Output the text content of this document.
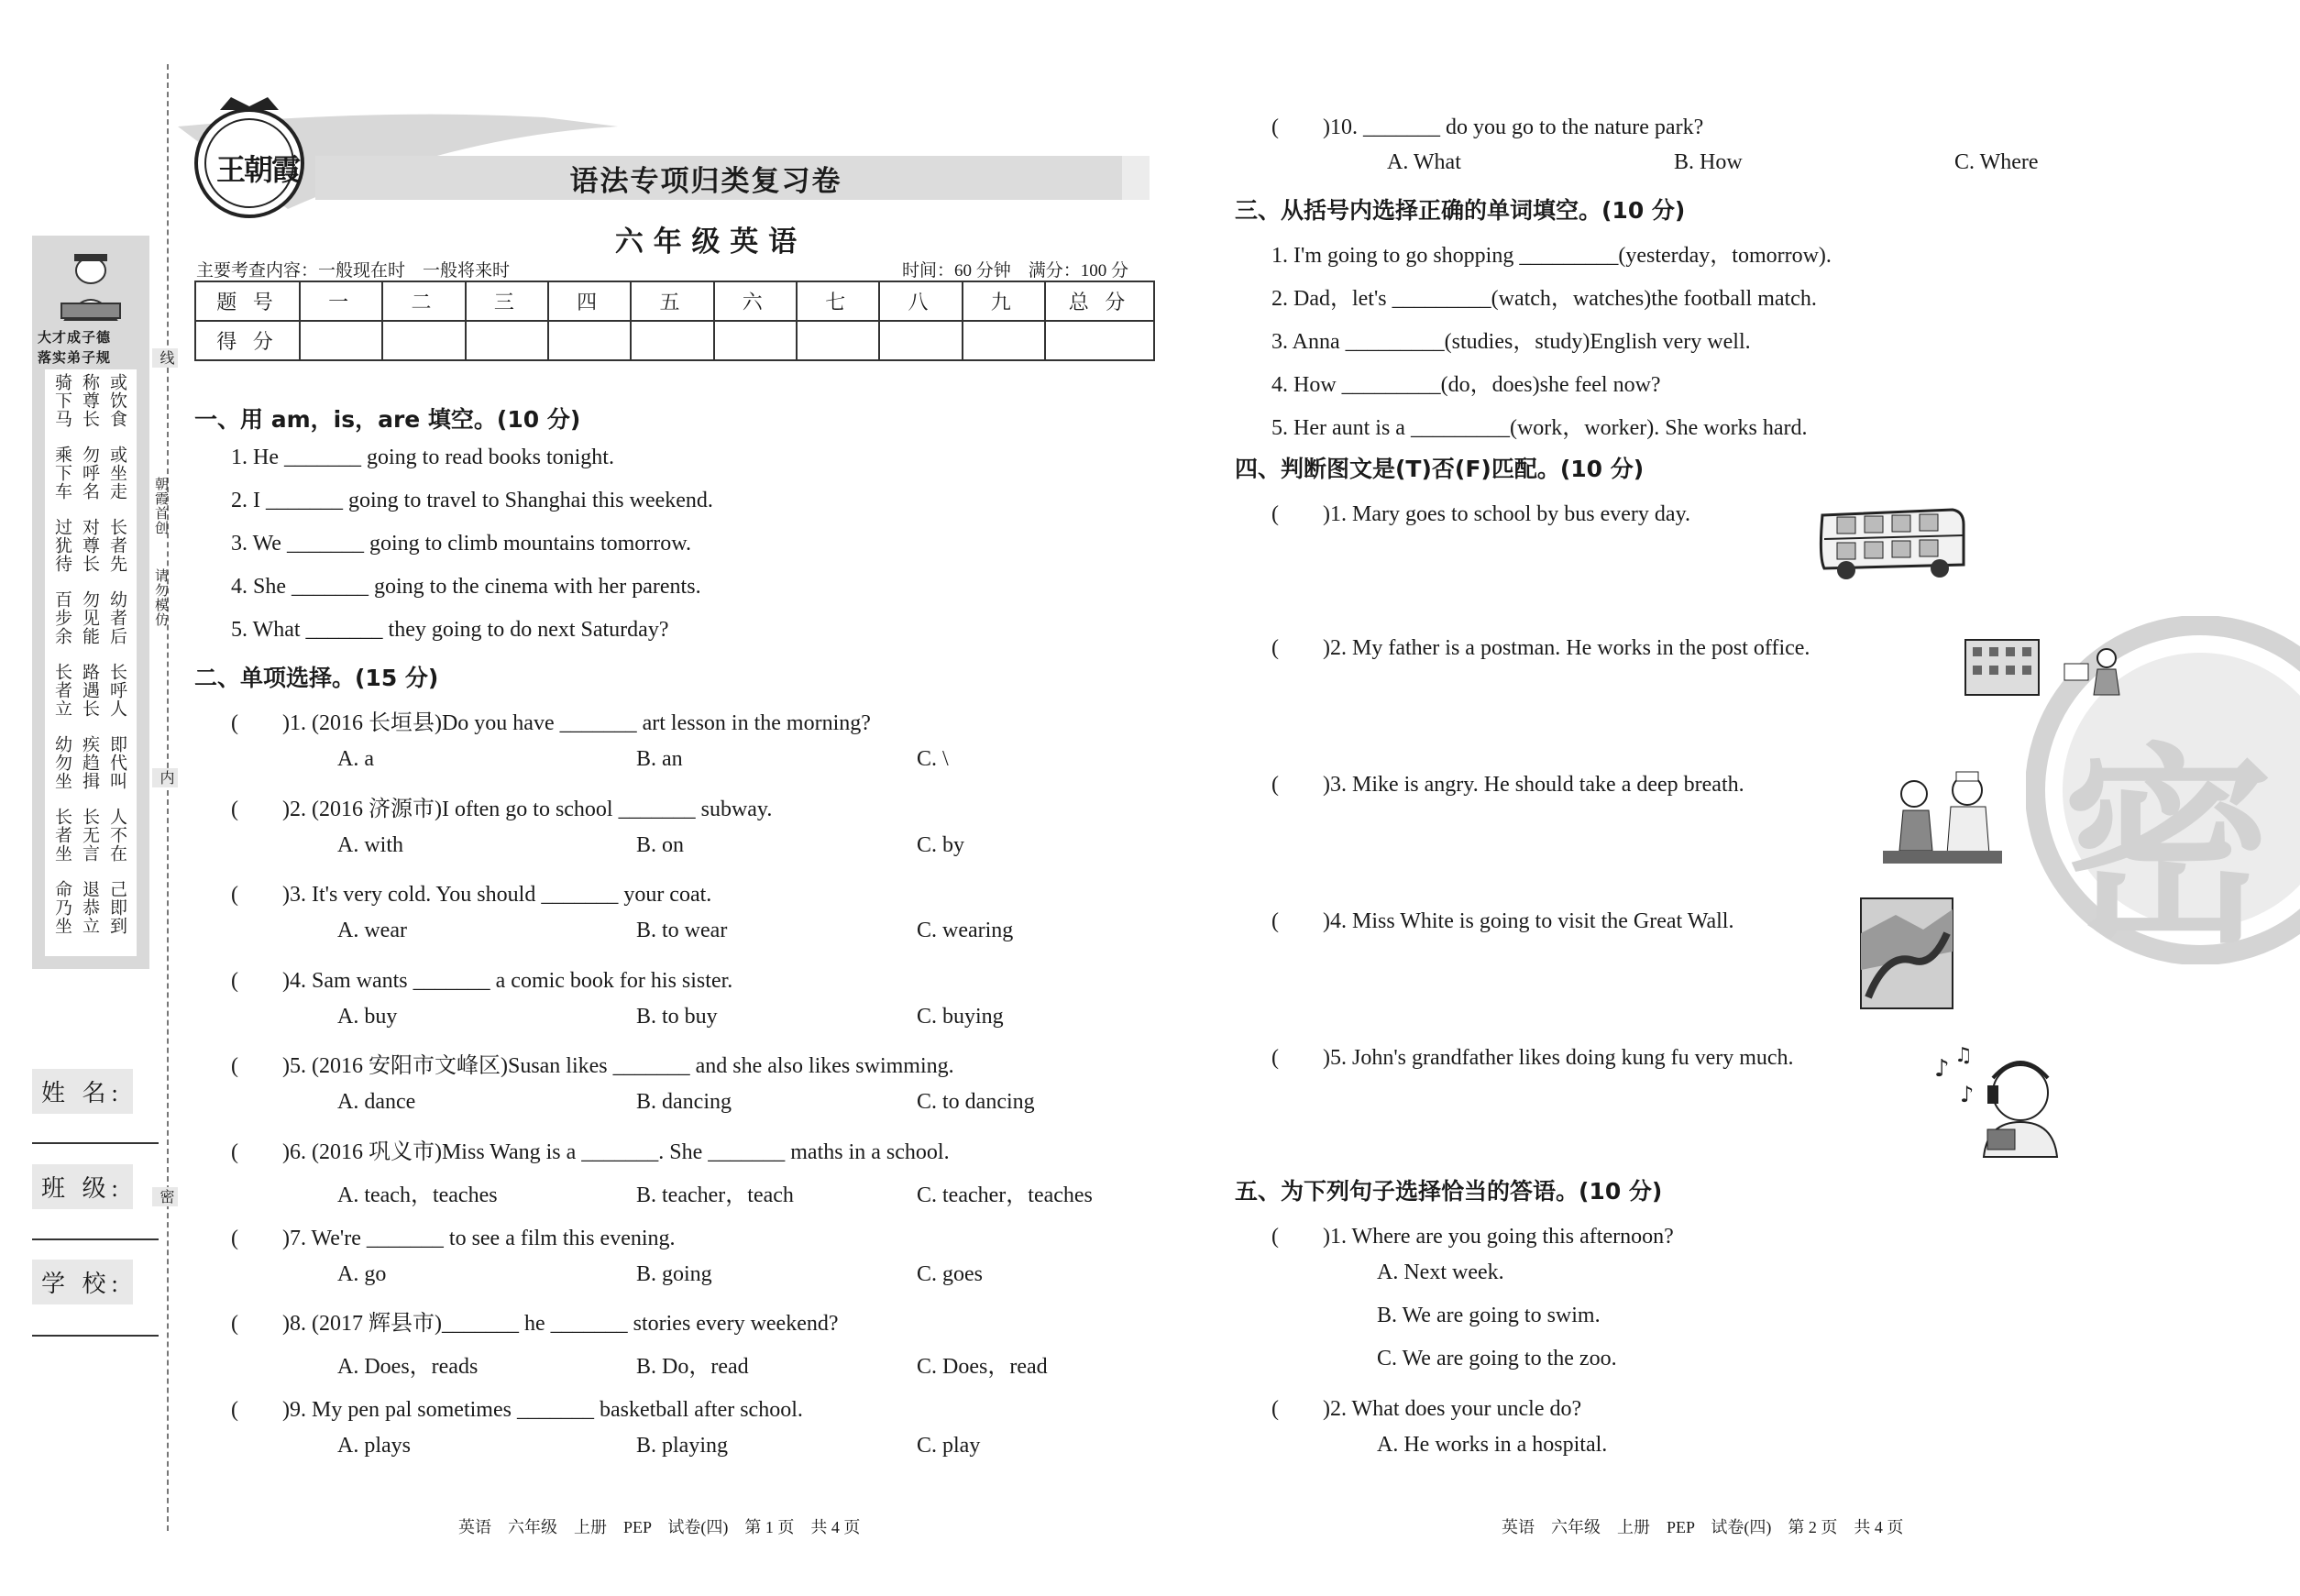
大才成子德
落实弟子规
骑下马 称尊长 或饮食
乘下车 勿呼名 或坐走
过犹待 对尊长 长者先
百步余 勿见能 幼者后
长者立 路遇长 长呼人
幼勿坐 疾趋揖 即代叫
长者坐 长无言 人不在
命乃坐 退恭立 己即到
线
内
密
朝霞首创
请勿模仿
姓 名:
班 级:
学 校:
王朝霞	语法专项归类复习卷
六 年 级 英 语
主要考查内容：一般现在时　一般将来时	时间：60 分钟　满分：100 分
题 号	一	二	三	四	五	六	七	八	九	总 分
得 分										
一、用 am，is，are 填空。(10 分)
1. He _______ going to read books tonight.
2. I _______ going to travel to Shanghai this weekend.
3. We _______ going to climb mountains tomorrow.
4. She _______ going to the cinema with her parents.
5. What _______ they going to do next Saturday?
二、单项选择。(15 分)
(　　)1. (2016 长垣县)Do you have _______ art lesson in the morning?
A. a	B. an	C. \
(　　)2. (2016 济源市)I often go to school _______ subway.
A. with	B. on	C. by
(　　)3. It's very cold. You should _______ your coat.
A. wear	B. to wear	C. wearing
(　　)4. Sam wants _______ a comic book for his sister.
A. buy	B. to buy	C. buying
(　　)5. (2016 安阳市文峰区)Susan likes _______ and she also likes swimming.
A. dance	B. dancing	C. to dancing
(　　)6. (2016 巩义市)Miss Wang is a _______. She _______ maths in a school.
A. teach，teaches	B. teacher，teach	C. teacher，teaches
(　　)7. We're _______ to see a film this evening.
A. go	B. going	C. goes
(　　)8. (2017 辉县市)_______ he _______ stories every weekend?
A. Does，reads	B. Do，read	C. Does，read
(　　)9. My pen pal sometimes _______ basketball after school.
A. plays	B. playing	C. play
英语　六年级　上册　PEP　试卷(四)　第 1 页　共 4 页
密
(　　)10. _______ do you go to the nature park?
A. What	B. How	C. Where
三、从括号内选择正确的单词填空。(10 分)
1. I'm going to go shopping _________(yesterday，tomorrow).
2. Dad，let's _________(watch，watches)the football match.
3. Anna _________(studies，study)English very well.
4. How _________(do，does)she feel now?
5. Her aunt is a _________(work，worker). She works hard.
四、判断图文是(T)否(F)匹配。(10 分)
(　　)1. Mary goes to school by bus every day.
(　　)2. My father is a postman. He works in the post office.
(　　)3. Mike is angry. He should take a deep breath.
(　　)4. Miss White is going to visit the Great Wall.
(　　)5. John's grandfather likes doing kung fu very much.	♪ ♫
♪
五、为下列句子选择恰当的答语。(10 分)
(　　)1. Where are you going this afternoon?
A. Next week.
B. We are going to swim.
C. We are going to the zoo.
(　　)2. What does your uncle do?
A. He works in a hospital.
英语　六年级　上册　PEP　试卷(四)　第 2 页　共 4 页
